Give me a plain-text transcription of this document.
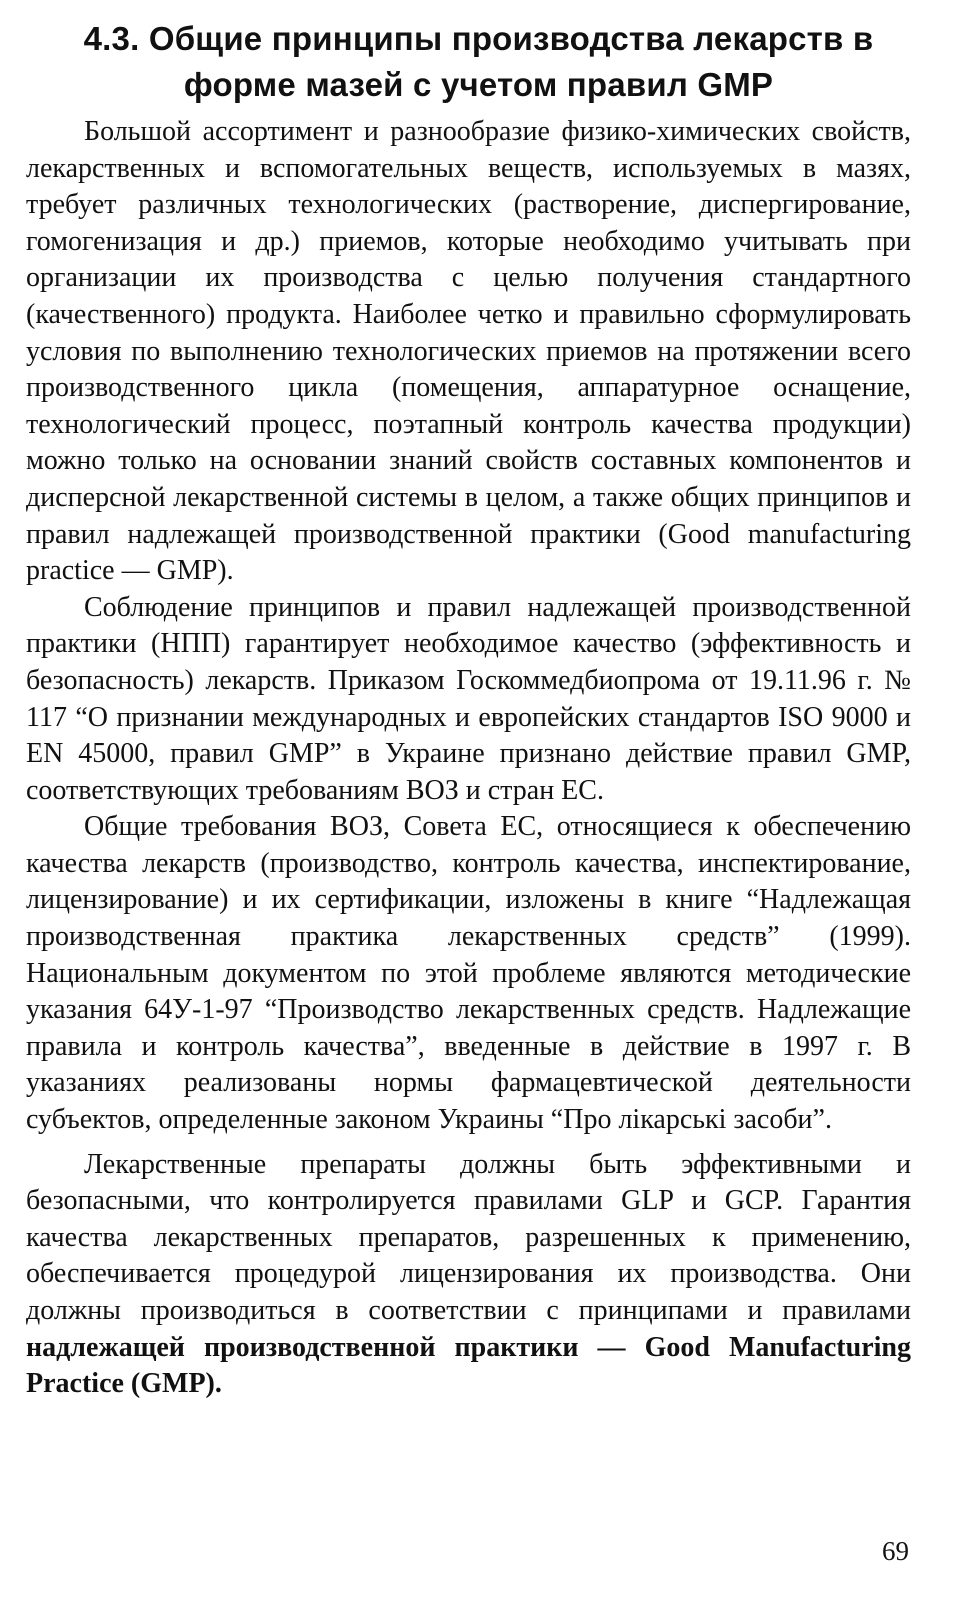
4.3. Общие принципы производства лекарств в
форме мазей с учетом правил GMP

Большой ассортимент и разнообразие физико-химических свойств, лекарственных и вспомогательных веществ, используемых в мазях, требует различных технологических (растворение, диспергирование, гомогенизация и др.) приемов, которые необходимо учитывать при организации их производства с целью получения стандартного (качественного) продукта. Наиболее четко и правильно сформулировать условия по выполнению технологических приемов на протяжении всего производственного цикла (помещения, аппаратурное оснащение, технологический процесс, поэтапный контроль качества продукции) можно только на основании знаний свойств составных компонентов и дисперсной лекарственной системы в целом, а также общих принципов и правил надлежащей производственной практики (Good manufacturing practice — GMP).

Соблюдение принципов и правил надлежащей производственной практики (НПП) гарантирует необходимое качество (эффективность и безопасность) лекарств. Приказом Госкоммедбиопрома от 19.11.96 г. № 117 “О признании международных и европейских стандартов ISO 9000 и EN 45000, правил GMP” в Украине признано действие правил GMP, соответствующих требованиям ВОЗ и стран ЕС.

Общие требования ВОЗ, Совета ЕС, относящиеся к обеспечению качества лекарств (производство, контроль качества, инспектирование, лицензирование) и их сертификации, изложены в книге “Надлежащая производственная практика лекарственных средств” (1999). Национальным документом по этой проблеме являются методические указания 64У-1-97 “Производство лекарственных средств. Надлежащие правила и контроль качества”, введенные в действие в 1997 г. В указаниях реализованы нормы фармацевтической деятельности субъектов, определенные законом Украины “Про лікарські засоби”.

Лекарственные препараты должны быть эффективными и безопасными, что контролируется правилами GLP и GCP. Гарантия качества лекарственных препаратов, разрешенных к применению, обеспечивается процедурой лицензирования их производства. Они должны производиться в соответствии с принципами и правилами надлежащей производственной практики — Good Manufacturing Practice (GMP).

69
